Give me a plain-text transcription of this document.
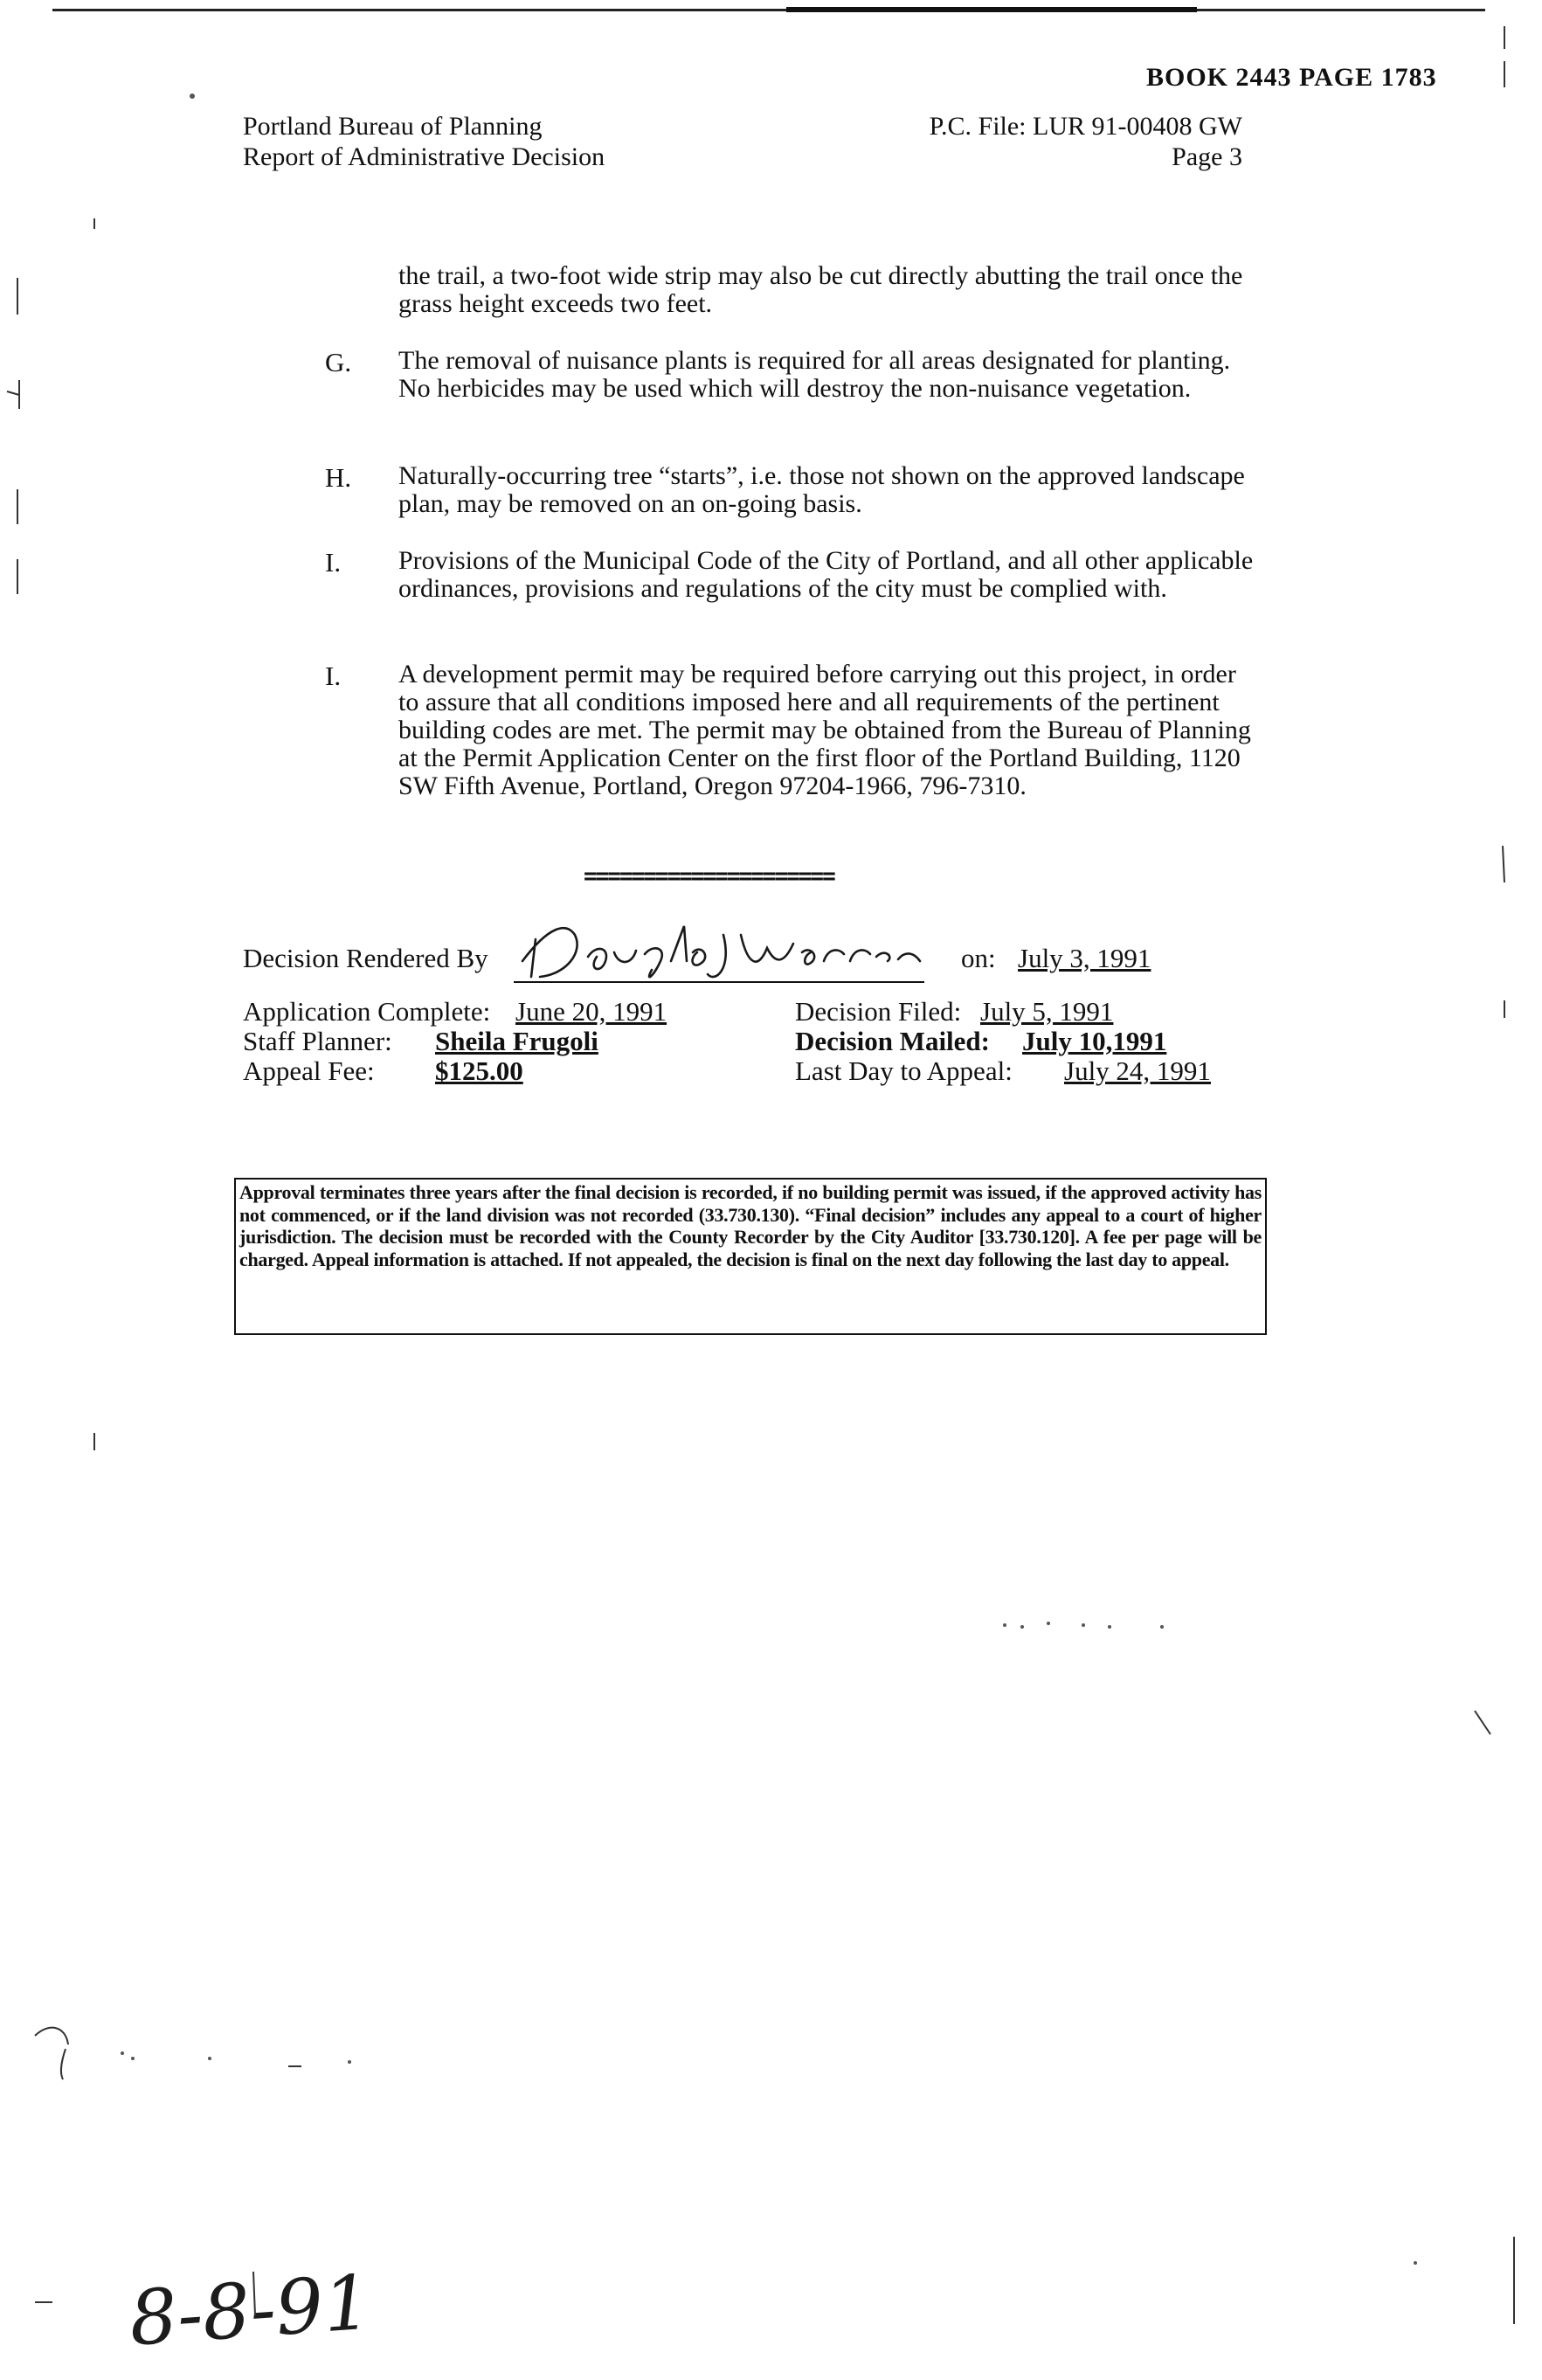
BOOK 2443 PAGE 1783
Portland Bureau of Planning
Report of Administrative Decision
P.C. File: LUR 91-00408 GW
Page 3
the trail, a two-foot wide strip may also be cut directly abutting the trail once the grass height exceeds two feet.
G. The removal of nuisance plants is required for all areas designated for planting. No herbicides may be used which will destroy the non-nuisance vegetation.
H. Naturally-occurring tree “starts”, i.e. those not shown on the approved landscape plan, may be removed on an on-going basis.
I. Provisions of the Municipal Code of the City of Portland, and all other applicable ordinances, provisions and regulations of the city must be complied with.
I. A development permit may be required before carrying out this project, in order to assure that all conditions imposed here and all requirements of the pertinent building codes are met. The permit may be obtained from the Bureau of Planning at the Permit Application Center on the first floor of the Portland Building, 1120 SW Fifth Avenue, Portland, Oregon 97204-1966, 796-7310.
=====================
Decision Rendered By	on: July 3, 1991
Application Complete: June 20, 1991
Staff Planner: Sheila Frugoli
Appeal Fee: $125.00
Decision Filed: July 5, 1991
Decision Mailed: July 10,1991
Last Day to Appeal: July 24, 1991
Approval terminates three years after the final decision is recorded, if no building permit was issued, if the approved activity has not commenced, or if the land division was not recorded (33.730.130). “Final decision” includes any appeal to a court of higher jurisdiction. The decision must be recorded with the County Recorder by the City Auditor [33.730.120]. A fee per page will be charged. Appeal information is attached. If not appealed, the decision is final on the next day following the last day to appeal.
8-8-91
